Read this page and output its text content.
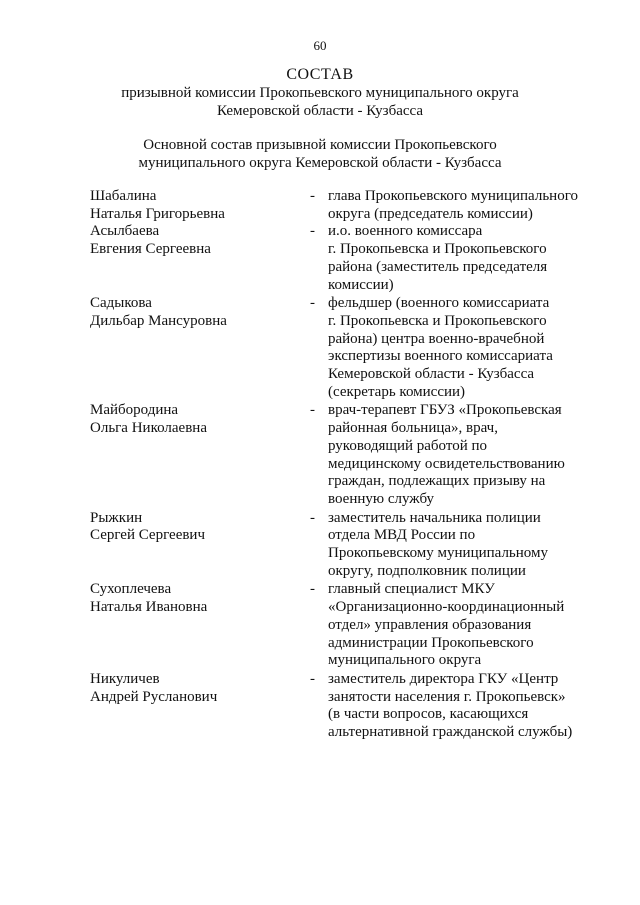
60
СОСТАВ
призывной комиссии Прокопьевского муниципального округа
Кемеровской области - Кузбасса
Основной состав призывной комиссии Прокопьевского
муниципального округа Кемеровской области - Кузбасса
Шабалина
Наталья Григорьевна
- глава Прокопьевского муниципального
округа (председатель комиссии)
Асылбаева
Евгения Сергеевна
- и.о. военного комиссара
г. Прокопьевска и Прокопьевского
района (заместитель председателя
комиссии)
Садыкова
Дильбар Мансуровна
- фельдшер (военного комиссариата
г. Прокопьевска и Прокопьевского
района) центра военно-врачебной
экспертизы военного комиссариата
Кемеровской области - Кузбасса
(секретарь комиссии)
Майбородина
Ольга Николаевна
- врач-терапевт ГБУЗ «Прокопьевская
районная больница», врач,
руководящий работой по
медицинскому освидетельствованию
граждан, подлежащих призыву на
военную службу
Рыжкин
Сергей Сергеевич
- заместитель начальника полиции
отдела МВД России по
Прокопьевскому муниципальному
округу, подполковник полиции
Сухоплечева
Наталья Ивановна
- главный специалист МКУ
«Организационно-координационный
отдел» управления образования
администрации Прокопьевского
муниципального округа
Никуличев
Андрей Русланович
- заместитель директора ГКУ «Центр
занятости населения г. Прокопьевск»
(в части вопросов, касающихся
альтернативной гражданской службы)
